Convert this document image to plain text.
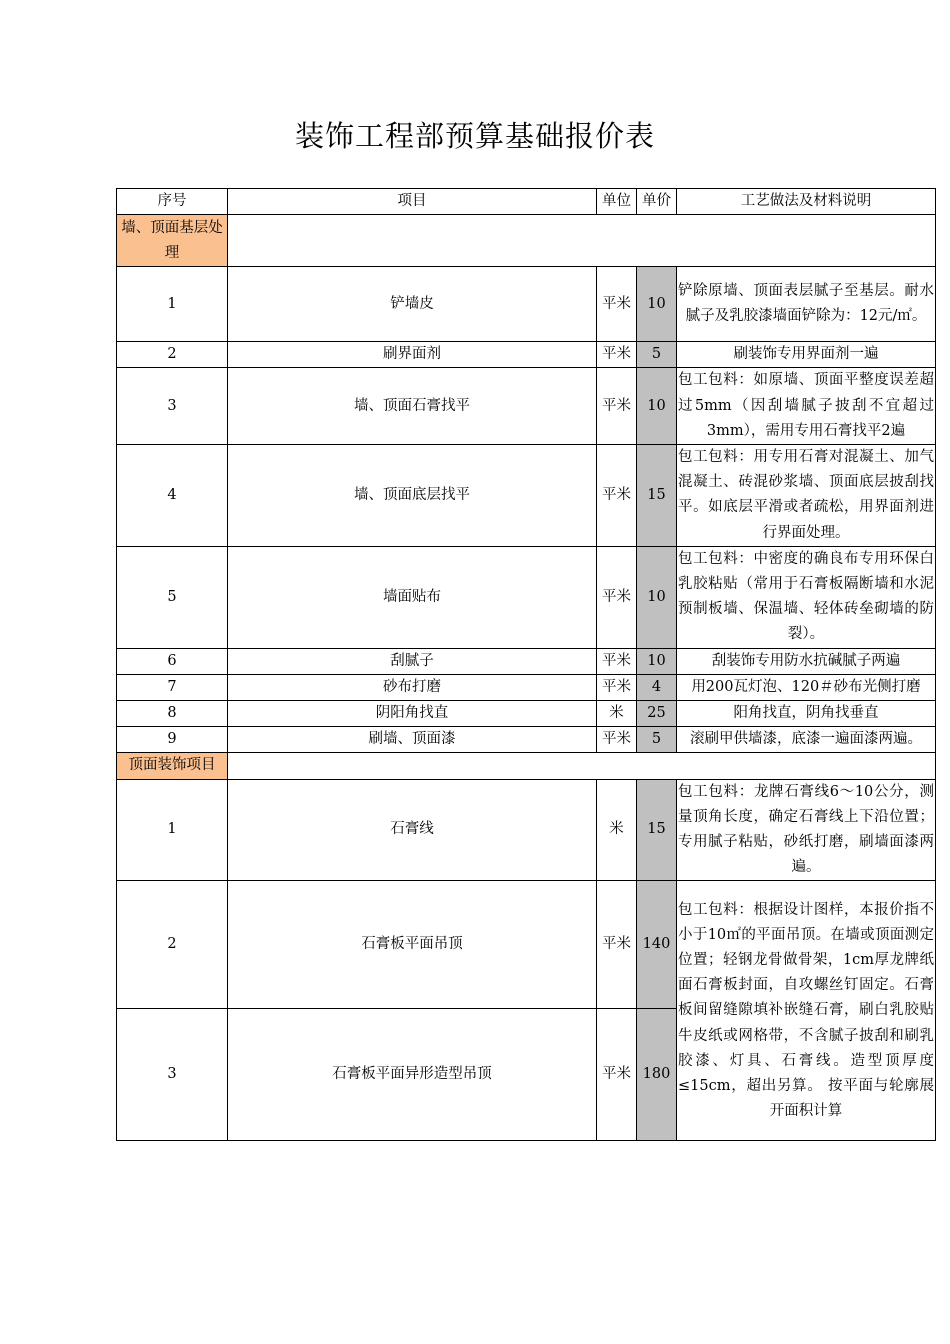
装饰工程部预算基础报价表
序号	项目	单位	单价	工艺做法及材料说明
墙、顶面基层处理				
1	铲墙皮	平米	10	铲除原墙、顶面表层腻子至基层。耐水腻子及乳胶漆墙面铲除为：12元/㎡。
2	刷界面剂	平米	5	刷装饰专用界面剂一遍
3	墙、顶面石膏找平	平米	10	包工包料：如原墙、顶面平整度误差超过5mm（因刮墙腻子披刮不宜超过3mm），需用专用石膏找平2遍
4	墙、顶面底层找平	平米	15	包工包料：用专用石膏对混凝土、加气混凝土、砖混砂浆墙、顶面底层披刮找平。如底层平滑或者疏松，用界面剂进行界面处理。
5	墙面贴布	平米	10	包工包料：中密度的确良布专用环保白乳胶粘贴（常用于石膏板隔断墙和水泥预制板墙、保温墙、轻体砖垒砌墙的防裂）。
6	刮腻子	平米	10	刮装饰专用防水抗碱腻子两遍
7	砂布打磨	平米	4	用200瓦灯泡、120＃砂布光侧打磨
8	阴阳角找直	米	25	阳角找直，阴角找垂直
9	刷墙、顶面漆	平米	5	滚刷甲供墙漆，底漆一遍面漆两遍。
顶面装饰项目				
1	石膏线	米	15	包工包料：龙牌石膏线6～10公分，测量顶角长度，确定石膏线上下沿位置；专用腻子粘贴，砂纸打磨，刷墙面漆两遍。
2	石膏板平面吊顶	平米	140	包工包料：根据设计图样，本报价指不小于10㎡的平面吊顶。在墙或顶面测定位置；轻钢龙骨做骨架，1cm厚龙牌纸面石膏板封面，自攻螺丝钉固定。石膏板间留缝隙填补嵌缝石膏，刷白乳胶贴牛皮纸或网格带，不含腻子披刮和刷乳胶漆、灯具、石膏线。造型顶厚度≤15cm，超出另算。 按平面与轮廓展开面积计算
3	石膏板平面异形造型吊顶	平米	180	
